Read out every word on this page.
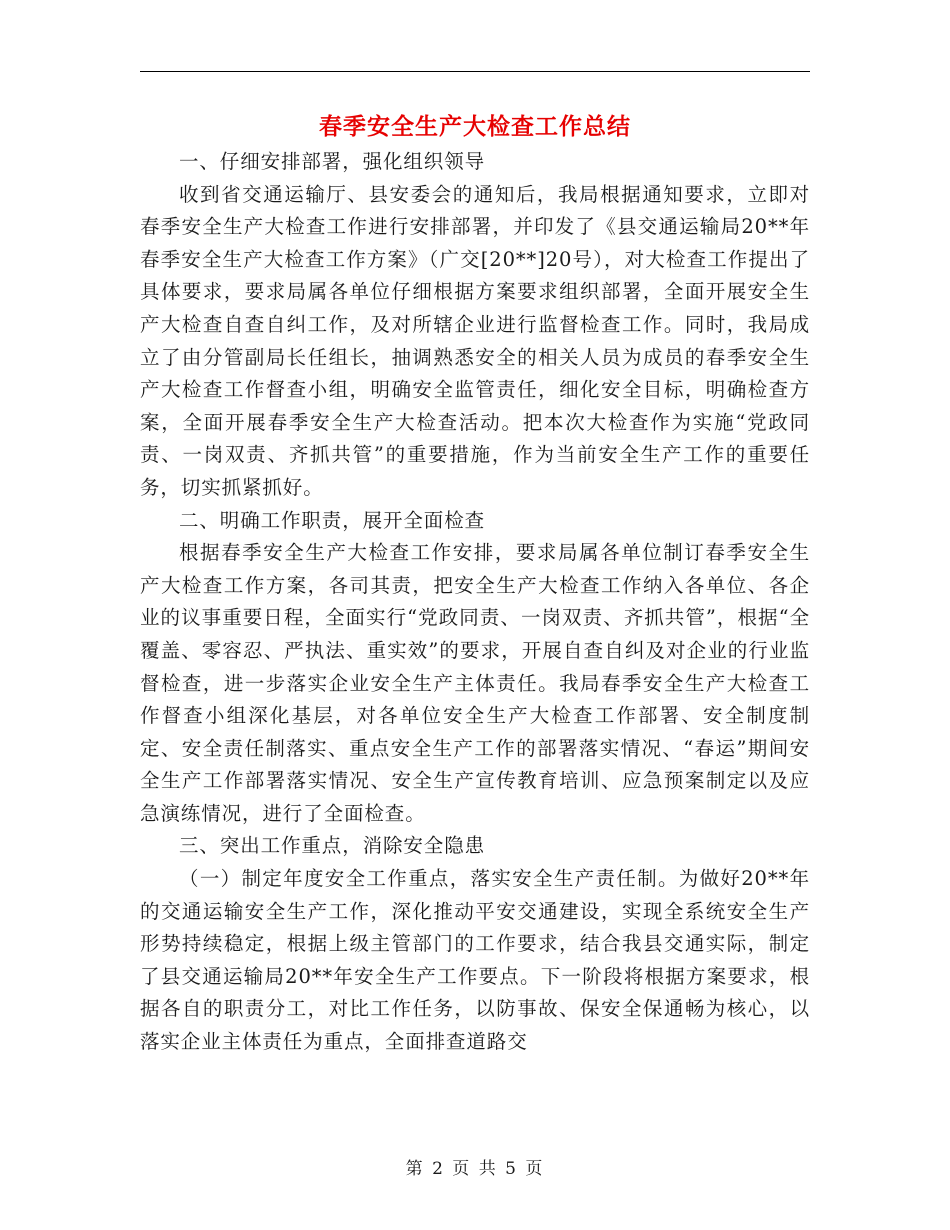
春季安全生产大检查工作总结

一、仔细安排部署，强化组织领导

收到省交通运输厅、县安委会的通知后，我局根据通知要求，立即对春季安全生产大检查工作进行安排部署，并印发了《县交通运输局20**年春季安全生产大检查工作方案》（广交[20**]20号），对大检查工作提出了具体要求，要求局属各单位仔细根据方案要求组织部署，全面开展安全生产大检查自查自纠工作，及对所辖企业进行监督检查工作。同时，我局成立了由分管副局长任组长，抽调熟悉安全的相关人员为成员的春季安全生产大检查工作督查小组，明确安全监管责任，细化安全目标，明确检查方案，全面开展春季安全生产大检查活动。把本次大检查作为实施“党政同责、一岗双责、齐抓共管”的重要措施，作为当前安全生产工作的重要任务，切实抓紧抓好。

二、明确工作职责，展开全面检查

根据春季安全生产大检查工作安排，要求局属各单位制订春季安全生产大检查工作方案，各司其责，把安全生产大检查工作纳入各单位、各企业的议事重要日程，全面实行“党政同责、一岗双责、齐抓共管”，根据“全覆盖、零容忍、严执法、重实效”的要求，开展自查自纠及对企业的行业监督检查，进一步落实企业安全生产主体责任。我局春季安全生产大检查工作督查小组深化基层，对各单位安全生产大检查工作部署、安全制度制定、安全责任制落实、重点安全生产工作的部署落实情况、“春运”期间安全生产工作部署落实情况、安全生产宣传教育培训、应急预案制定以及应急演练情况，进行了全面检查。

三、突出工作重点，消除安全隐患

（一）制定年度安全工作重点，落实安全生产责任制。为做好20**年的交通运输安全生产工作，深化推动平安交通建设，实现全系统安全生产形势持续稳定，根据上级主管部门的工作要求，结合我县交通实际，制定了县交通运输局20**年安全生产工作要点。下一阶段将根据方案要求，根据各自的职责分工，对比工作任务，以防事故、保安全保通畅为核心，以落实企业主体责任为重点，全面排查道路交

第 2 页 共 5 页
